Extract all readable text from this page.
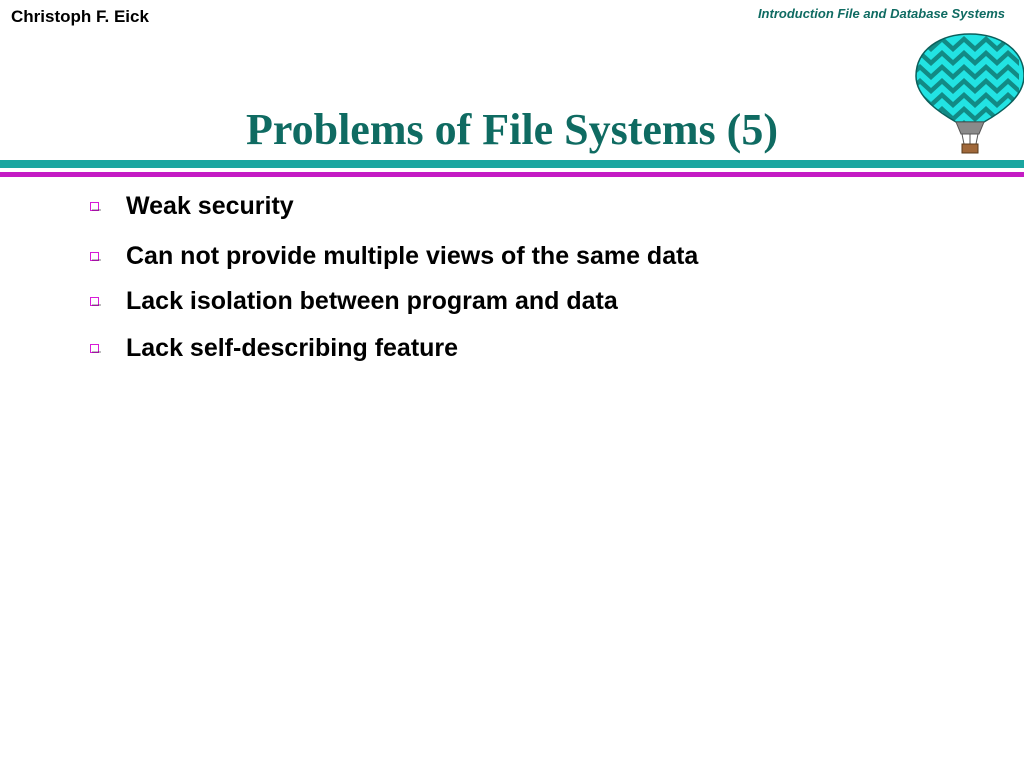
Christoph F. Eick	Introduction File and Database Systems
Problems of File Systems (5)
Weak security
Can not provide multiple views of the same data
Lack isolation between program and data
Lack self-describing feature
